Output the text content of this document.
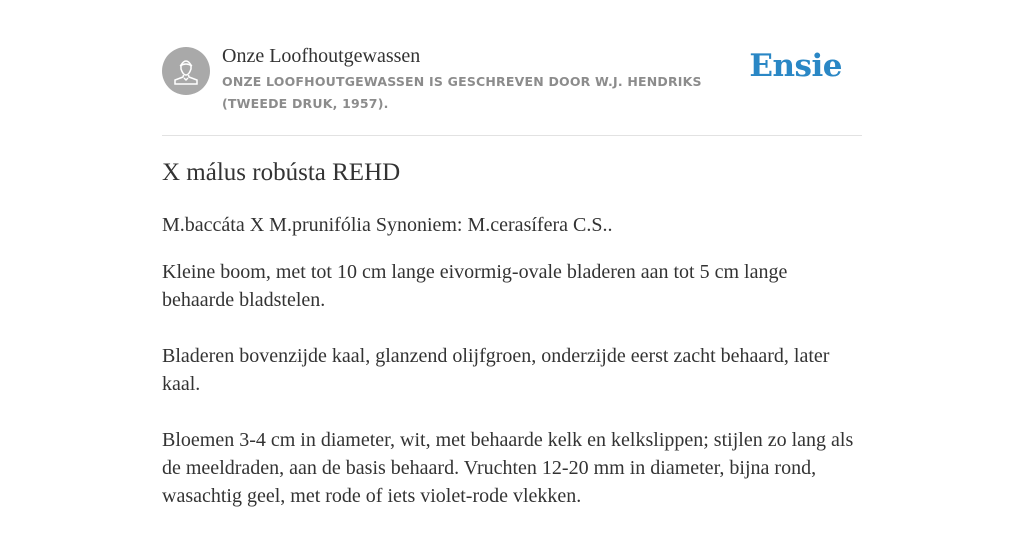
Onze Loofhoutgewassen
ONZE LOOFHOUTGEWASSEN IS GESCHREVEN DOOR W.J. HENDRIKS (TWEEDE DRUK, 1957).
Ensie
X málus robústa REHD

M.baccáta X M.prunifólia Synoniem: M.cerasífera C.S..

Kleine boom, met tot 10 cm lange eivormig-ovale bladeren aan tot 5 cm lange behaarde bladstelen.

Bladeren bovenzijde kaal, glanzend olijfgroen, onderzijde eerst zacht behaard, later kaal.

Bloemen 3-4 cm in diameter, wit, met behaarde kelk en kelkslippen; stijlen zo lang als de meeldraden, aan de basis behaard. Vruchten 12-20 mm in diameter, bijna rond, wasachtig geel, met rode of iets violet-rode vlekken.
